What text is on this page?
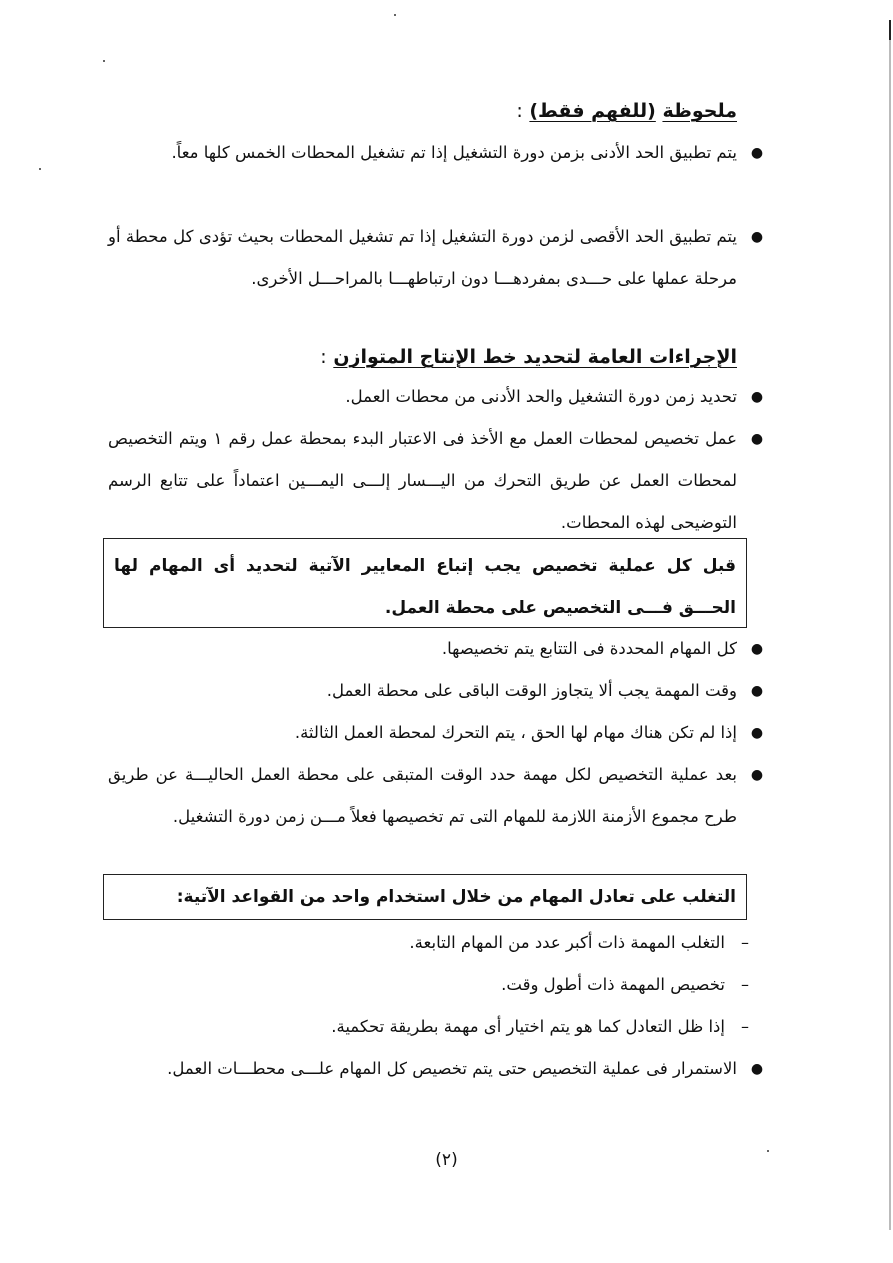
ملحوظة (للفهم فقط) :
●
يتم تطبيق الحد الأدنى بزمن دورة التشغيل إذا تم تشغيل المحطات الخمس كلها معاً.
●
يتم تطبيق الحد الأقصى لزمن دورة التشغيل إذا تم تشغيل المحطات بحيث تؤدى كل محطة أو مرحلة عملها على حـــدى بمفردهـــا دون ارتباطهـــا بالمراحـــل الأخرى.
الإجراءات العامة لتحديد خط الإنتاج المتوازن :
●
تحديد زمن دورة التشغيل والحد الأدنى من محطات العمل.
●
عمل تخصيص لمحطات العمل مع الأخذ فى الاعتبار البدء بمحطة عمل رقم ١ ويتم التخصيص لمحطات العمل عن طريق التحرك من اليـــسار إلـــى اليمـــين اعتماداً على تتابع الرسم التوضيحى لهذه المحطات.
قبل كل عملية تخصيص يجب إتباع المعايير الآتية لتحديد أى المهام لها الحـــق فـــى التخصيص على محطة العمل.
●
كل المهام المحددة فى التتابع يتم تخصيصها.
●
وقت المهمة يجب ألا يتجاوز الوقت الباقى على محطة العمل.
●
إذا لم تكن هناك مهام لها الحق ، يتم التحرك لمحطة العمل الثالثة.
●
بعد عملية التخصيص لكل مهمة حدد الوقت المتبقى على محطة العمل الحاليـــة عن طريق طرح مجموع الأزمنة اللازمة للمهام التى تم تخصيصها فعلاً مـــن زمن دورة التشغيل.
التغلب على تعادل المهام من خلال استخدام واحد من القواعد الآتية:
–
التغلب المهمة ذات أكبر عدد من المهام التابعة.
–
تخصيص المهمة ذات أطول وقت.
–
إذا ظل التعادل كما هو يتم اختيار أى مهمة بطريقة تحكمية.
●
الاستمرار فى عملية التخصيص حتى يتم تخصيص كل المهام علـــى محطـــات العمل.
(٢)
